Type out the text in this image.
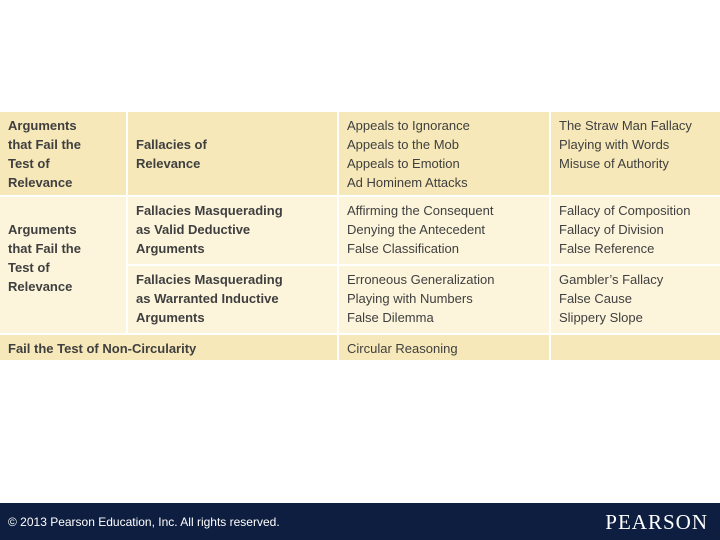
Arguments
that Fail the
Test of
Relevance
Fallacies of
Relevance
Appeals to Ignorance
Appeals to the Mob
Appeals to Emotion
Ad Hominem Attacks
The Straw Man Fallacy
Playing with Words
Misuse of Authority
Arguments
that Fail the
Test of
Relevance
Fallacies Masquerading
as Valid Deductive
Arguments
Affirming the Consequent
Denying the Antecedent
False Classification
Fallacy of Composition
Fallacy of Division
False Reference
Fallacies Masquerading
as Warranted Inductive
Arguments
Erroneous Generalization
Playing with Numbers
False Dilemma
Gambler’s Fallacy
False Cause
Slippery Slope
Fail the Test of Non-Circularity	Circular Reasoning
© 2013 Pearson Education, Inc. All rights reserved.	PEARSON
